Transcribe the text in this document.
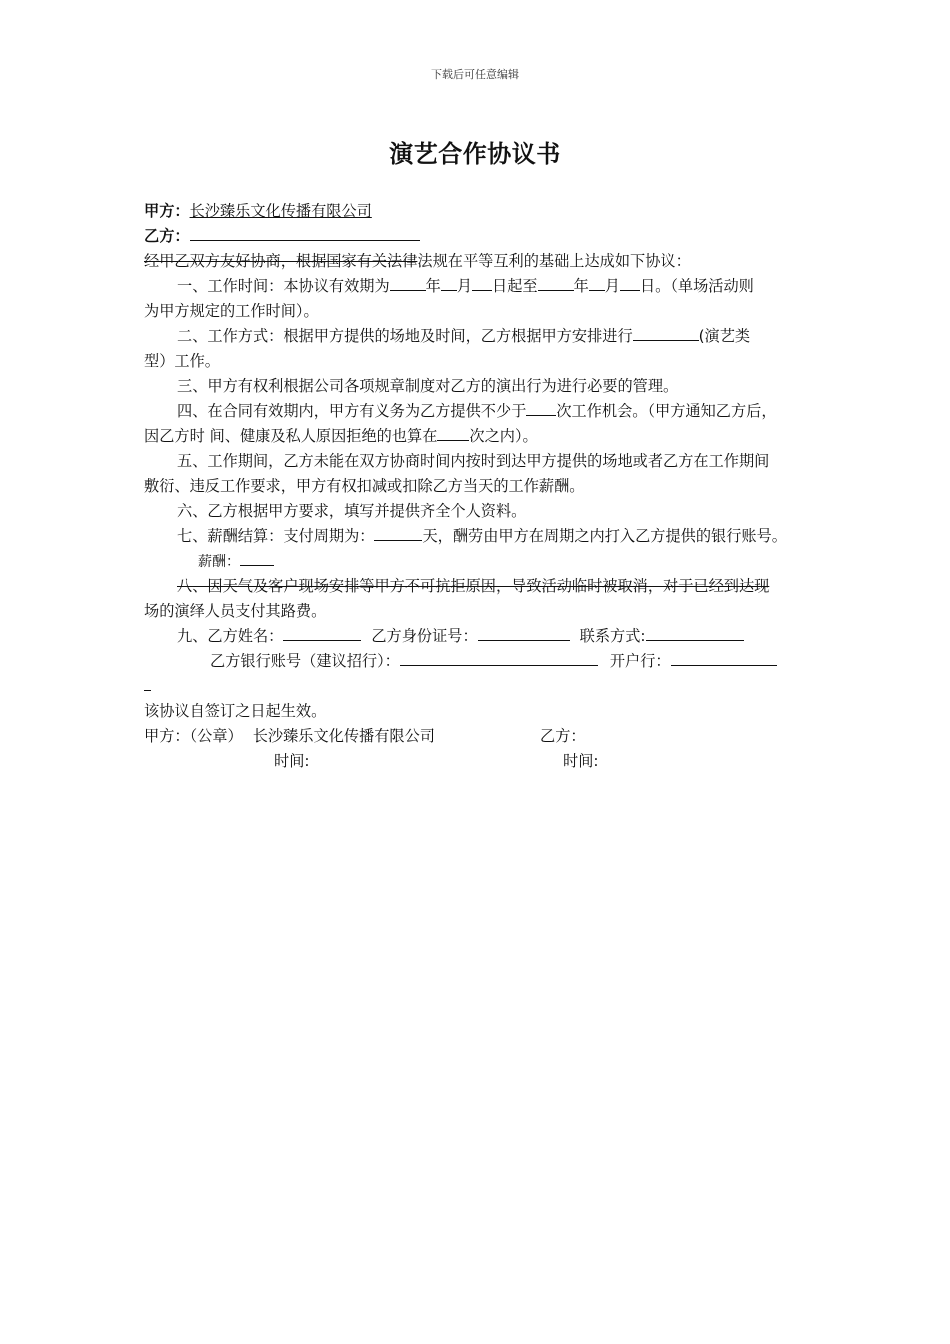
下载后可任意编辑
演艺合作协议书
甲方：长沙臻乐文化传播有限公司
乙方：
经甲乙双方友好协商，根据国家有关法律法规在平等互利的基础上达成如下协议：
一、工作时间：本协议有效期为 年 月 日起至 年 月 日。（单场活动则
为甲方规定的工作时间）。
二、工作方式：根据甲方提供的场地及时间，乙方根据甲方安排进行	(演艺类
型）工作。
三、甲方有权利根据公司各项规章制度对乙方的演出行为进行必要的管理。
四、在合同有效期内，甲方有义务为乙方提供不少于 次工作机会。（甲方通知乙方后，
因乙方时 间、健康及私人原因拒绝的也算在 次之内）。
五、工作期间，乙方未能在双方协商时间内按时到达甲方提供的场地或者乙方在工作期间
敷衍、违反工作要求，甲方有权扣减或扣除乙方当天的工作薪酬。
六、乙方根据甲方要求，填写并提供齐全个人资料。
七、薪酬结算：支付周期为：	天，酬劳由甲方在周期之内打入乙方提供的银行账号。
薪酬：
八、因天气及客户现场安排等甲方不可抗拒原因，导致活动临时被取消，对于已经到达现
场的演绎人员支付其路费。
九、乙方姓名：	乙方身份证号：	联系方式:
乙方银行账号（建议招行）：	开户行：
该协议自签订之日起生效。
甲方：（公章） 长沙臻乐文化传播有限公司	乙方：
时间:	时间:
